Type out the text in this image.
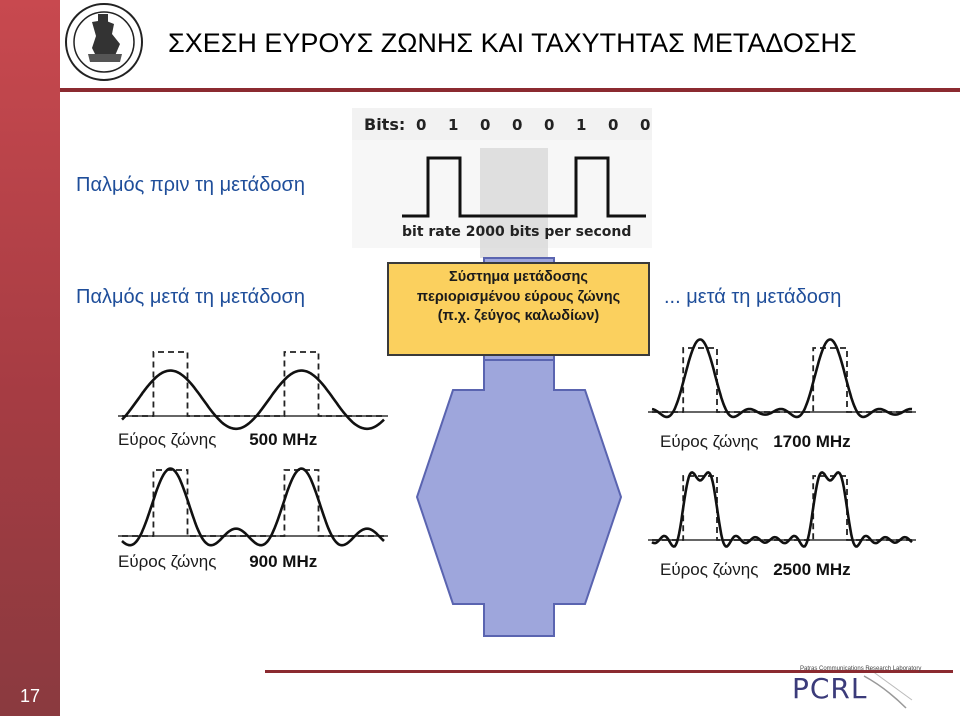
17
ΣΧΕΣΗ ΕΥΡΟΥΣ ΖΩΝΗΣ ΚΑΙ ΤΑΧΥΤΗΤΑΣ ΜΕΤΑΔΟΣΗΣ
Παλμός πριν τη μετάδοση
Παλμός μετά τη μετάδοση	... μετά τη μετάδοση
Bits: 0 1 0 0 0 1 0 0
bit rate 2000 bits per second
Σύστημα μετάδοσης
περιορισμένου εύρους ζώνης
(π.χ. ζεύγος καλωδίων)
Εύρος ζώνης 500 MHz	Εύρος ζώνης 1700 MHz
Εύρος ζώνης 900 MHz	Εύρος ζώνης 2500 MHz
Patras Communications Research Laboratory
PCRL
